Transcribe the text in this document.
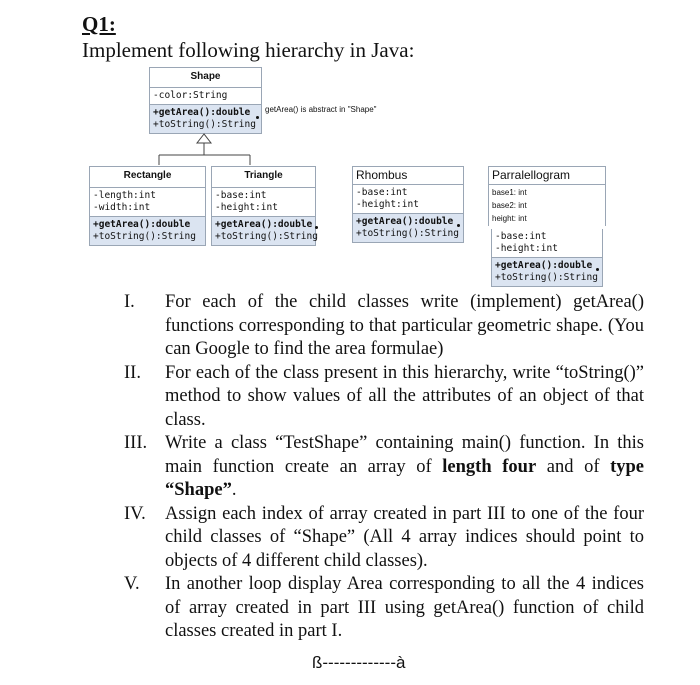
Q1:
Implement following hierarchy in Java:
Shape
-color:String
+getArea():double
+toString():String
getArea() is abstract in "Shape"
Rectangle
-length:int
-width:int
+getArea():double
+toString():String
Triangle
-base:int
-height:int
+getArea():double
+toString():String
Rhombus
-base:int
-height:int
+getArea():double
+toString():String
Parralellogram
base1: int
base2: int
height: int
-base:int
-height:int
+getArea():double
+toString():String
I. For each of the child classes write (implement) getArea() functions corresponding to that particular geometric shape. (You can Google to find the area formulae)
II. For each of the class present in this hierarchy, write “toString()” method to show values of all the attributes of an object of that class.
III. Write a class “TestShape” containing main() function. In this main function create an array of length four and of type “Shape”.
IV. Assign each index of array created in part III to one of the four child classes of “Shape” (All 4 array indices should point to objects of 4 different child classes).
V. In another loop display Area corresponding to all the 4 indices of array created in part III using getArea() function of child classes created in part I.
ß-------------à
